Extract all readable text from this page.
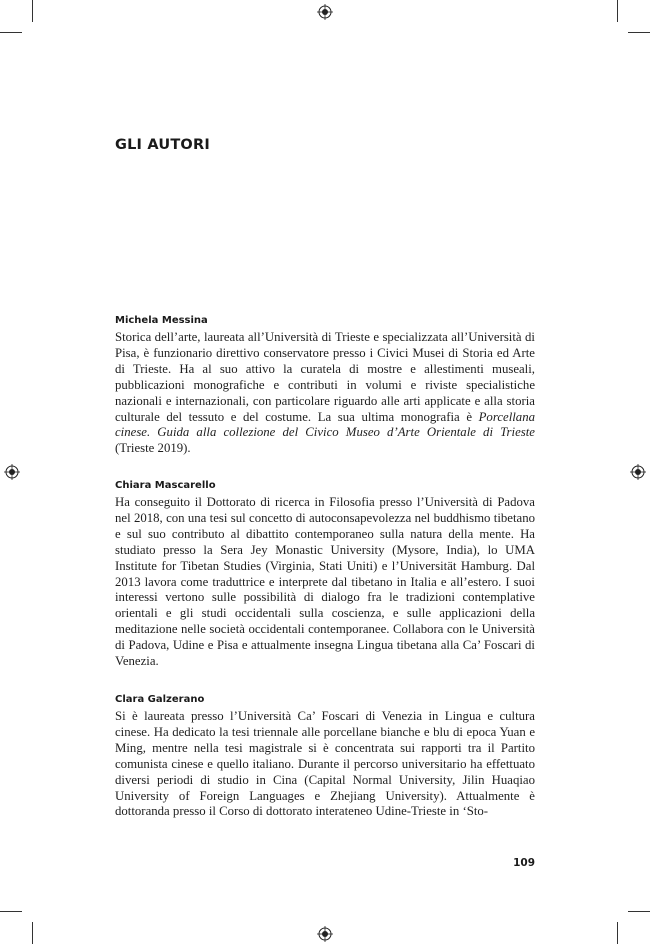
GLI AUTORI

Michela Messina

Storica dell’arte, laureata all’Università di Trieste e specializzata all’Università di Pisa, è funzionario direttivo conservatore presso i Civici Musei di Storia ed Arte di Trieste. Ha al suo attivo la curatela di mostre e allestimenti museali, pubblicazioni monografiche e contributi in volumi e riviste specialistiche nazionali e internazionali, con particolare riguardo alle arti applicate e alla storia culturale del tessuto e del costume. La sua ultima monografia è Porcellana cinese. Guida alla collezione del Civico Museo d’Arte Orientale di Trieste (Trieste 2019).

Chiara Mascarello

Ha conseguito il Dottorato di ricerca in Filosofia presso l’Università di Padova nel 2018, con una tesi sul concetto di autoconsapevolezza nel buddhismo tibetano e sul suo contributo al dibattito contemporaneo sulla natura della mente. Ha studiato presso la Sera Jey Monastic University (Mysore, India), lo UMA Institute for Tibetan Studies (Virginia, Stati Uniti) e l’Universität Hamburg. Dal 2013 lavora come traduttrice e interprete dal tibetano in Italia e all’estero. I suoi interessi vertono sulle possibilità di dialogo fra le tradizioni contemplative orientali e gli studi occidentali sulla coscienza, e sulle applicazioni della meditazione nelle società occidentali contemporanee. Collabora con le Università di Padova, Udine e Pisa e attualmente insegna Lingua tibetana alla Ca’ Foscari di Venezia.

Clara Galzerano

Si è laureata presso l’Università Ca’ Foscari di Venezia in Lingua e cultura cinese. Ha dedicato la tesi triennale alle porcellane bianche e blu di epoca Yuan e Ming, mentre nella tesi magistrale si è concentrata sui rapporti tra il Partito comunista cinese e quello italiano. Durante il percorso universitario ha effettuato diversi periodi di studio in Cina (Capital Normal University, Jilin Huaqiao University of Foreign Languages e Zhejiang University). Attualmente è dottoranda presso il Corso di dottorato interateneo Udine-Trieste in ‘Sto-

109
